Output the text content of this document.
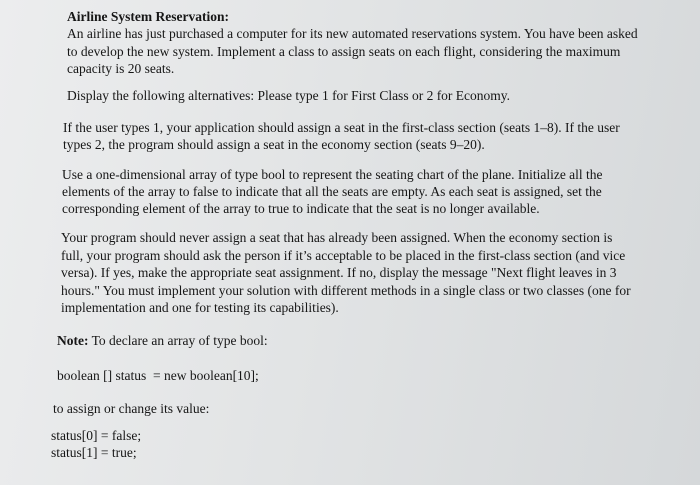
Airline System Reservation:
An airline has just purchased a computer for its new automated reservations system. You have been asked
to develop the new system. Implement a class to assign seats on each flight, considering the maximum
capacity is 20 seats.
Display the following alternatives: Please type 1 for First Class or 2 for Economy.
If the user types 1, your application should assign a seat in the first-class section (seats 1–8). If the user
types 2, the program should assign a seat in the economy section (seats 9–20).
Use a one-dimensional array of type bool to represent the seating chart of the plane. Initialize all the
elements of the array to false to indicate that all the seats are empty. As each seat is assigned, set the
corresponding element of the array to true to indicate that the seat is no longer available.
Your program should never assign a seat that has already been assigned. When the economy section is
full, your program should ask the person if it’s acceptable to be placed in the first-class section (and vice
versa). If yes, make the appropriate seat assignment. If no, display the message "Next flight leaves in 3
hours." You must implement your solution with different methods in a single class or two classes (one for
implementation and one for testing its capabilities).
Note: To declare an array of type bool:
boolean [] status  = new boolean[10];
to assign or change its value:
status[0] = false;
status[1] = true;
